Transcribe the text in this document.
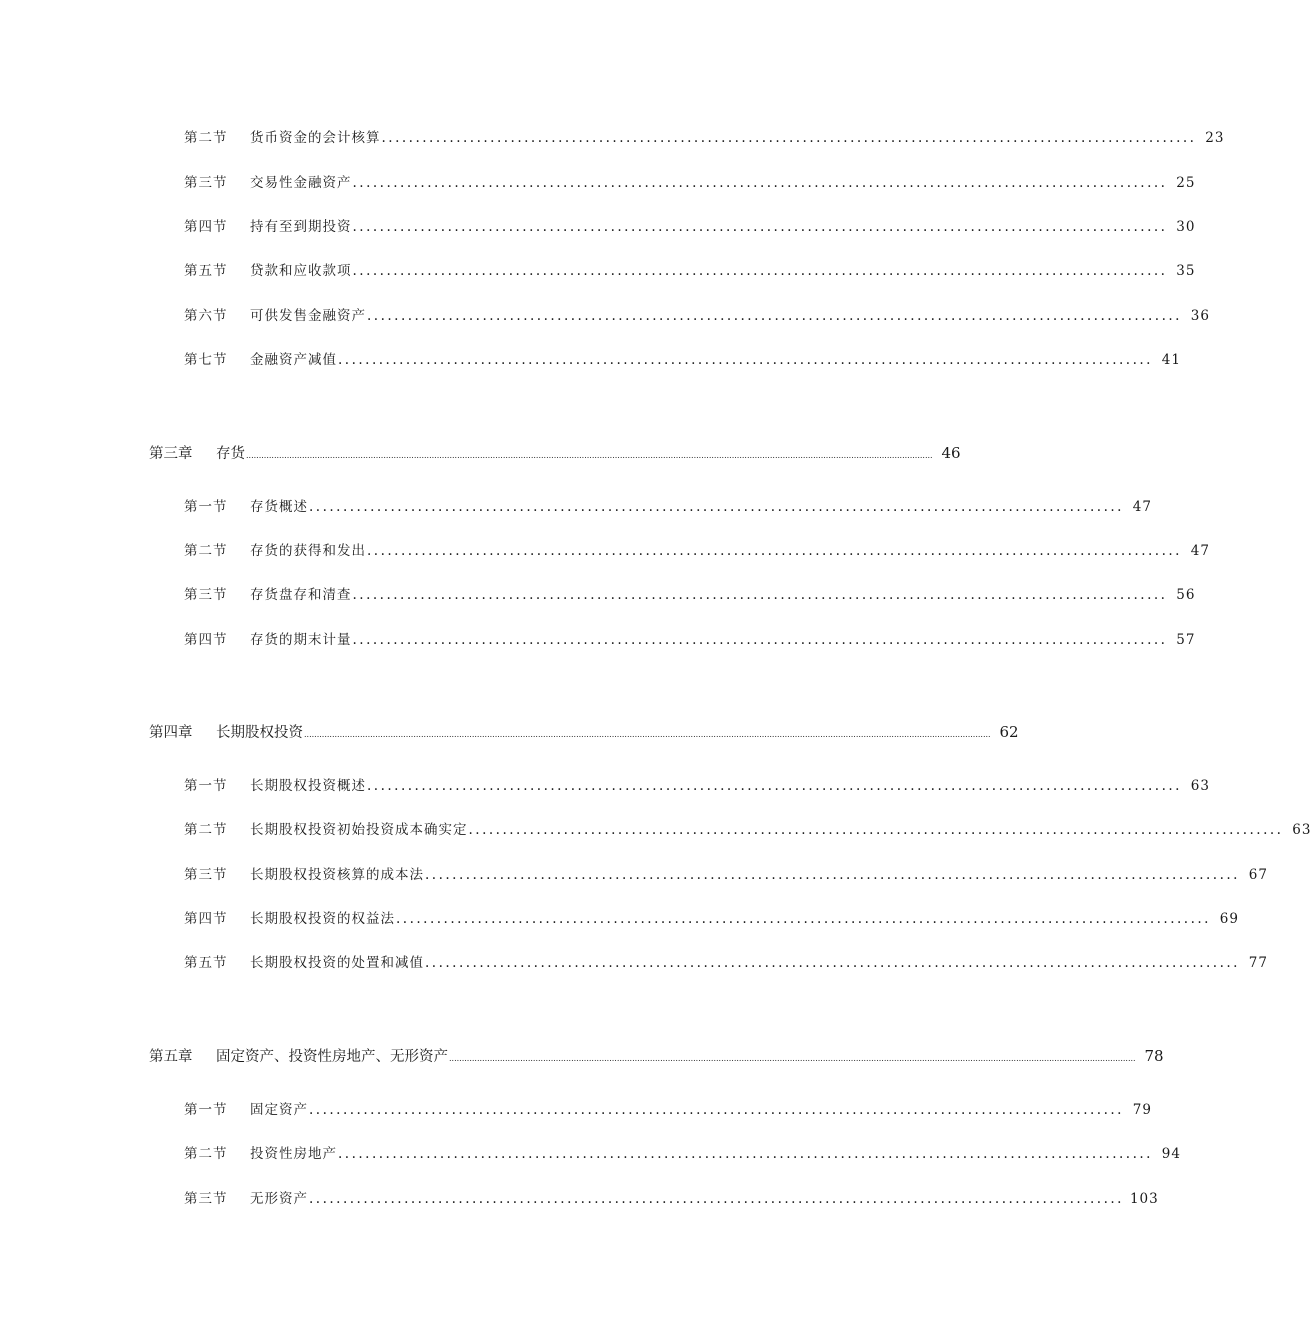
第二节	货币资金的会计核算 ........................................................................................................................ 23
第三节	交易性金融资产 ........................................................................................................................ 25
第四节	持有至到期投资 ........................................................................................................................ 30
第五节	贷款和应收款项 ........................................................................................................................ 35
第六节	可供发售金融资产 ........................................................................................................................ 36
第七节	金融资产减值 ........................................................................................................................ 41
第三章	存货 .............................................................................................................................................................................................................................................................................. 46
第一节	存货概述 ........................................................................................................................ 47
第二节	存货的获得和发出 ........................................................................................................................ 47
第三节	存货盘存和清查 ........................................................................................................................ 56
第四节	存货的期末计量 ........................................................................................................................ 57
第四章	长期股权投资 .............................................................................................................................................................................................................................................................................. 62
第一节	长期股权投资概述 ........................................................................................................................ 63
第二节	长期股权投资初始投资成本确实定 ........................................................................................................................ 63
第三节	长期股权投资核算的成本法 ........................................................................................................................ 67
第四节	长期股权投资的权益法 ........................................................................................................................ 69
第五节	长期股权投资的处置和减值 ........................................................................................................................ 77
第五章	固定资产、投资性房地产、无形资产 .............................................................................................................................................................................................................................................................................. 78
第一节	固定资产 ........................................................................................................................ 79
第二节	投资性房地产 ........................................................................................................................ 94
第三节	无形资产 ........................................................................................................................ 103
